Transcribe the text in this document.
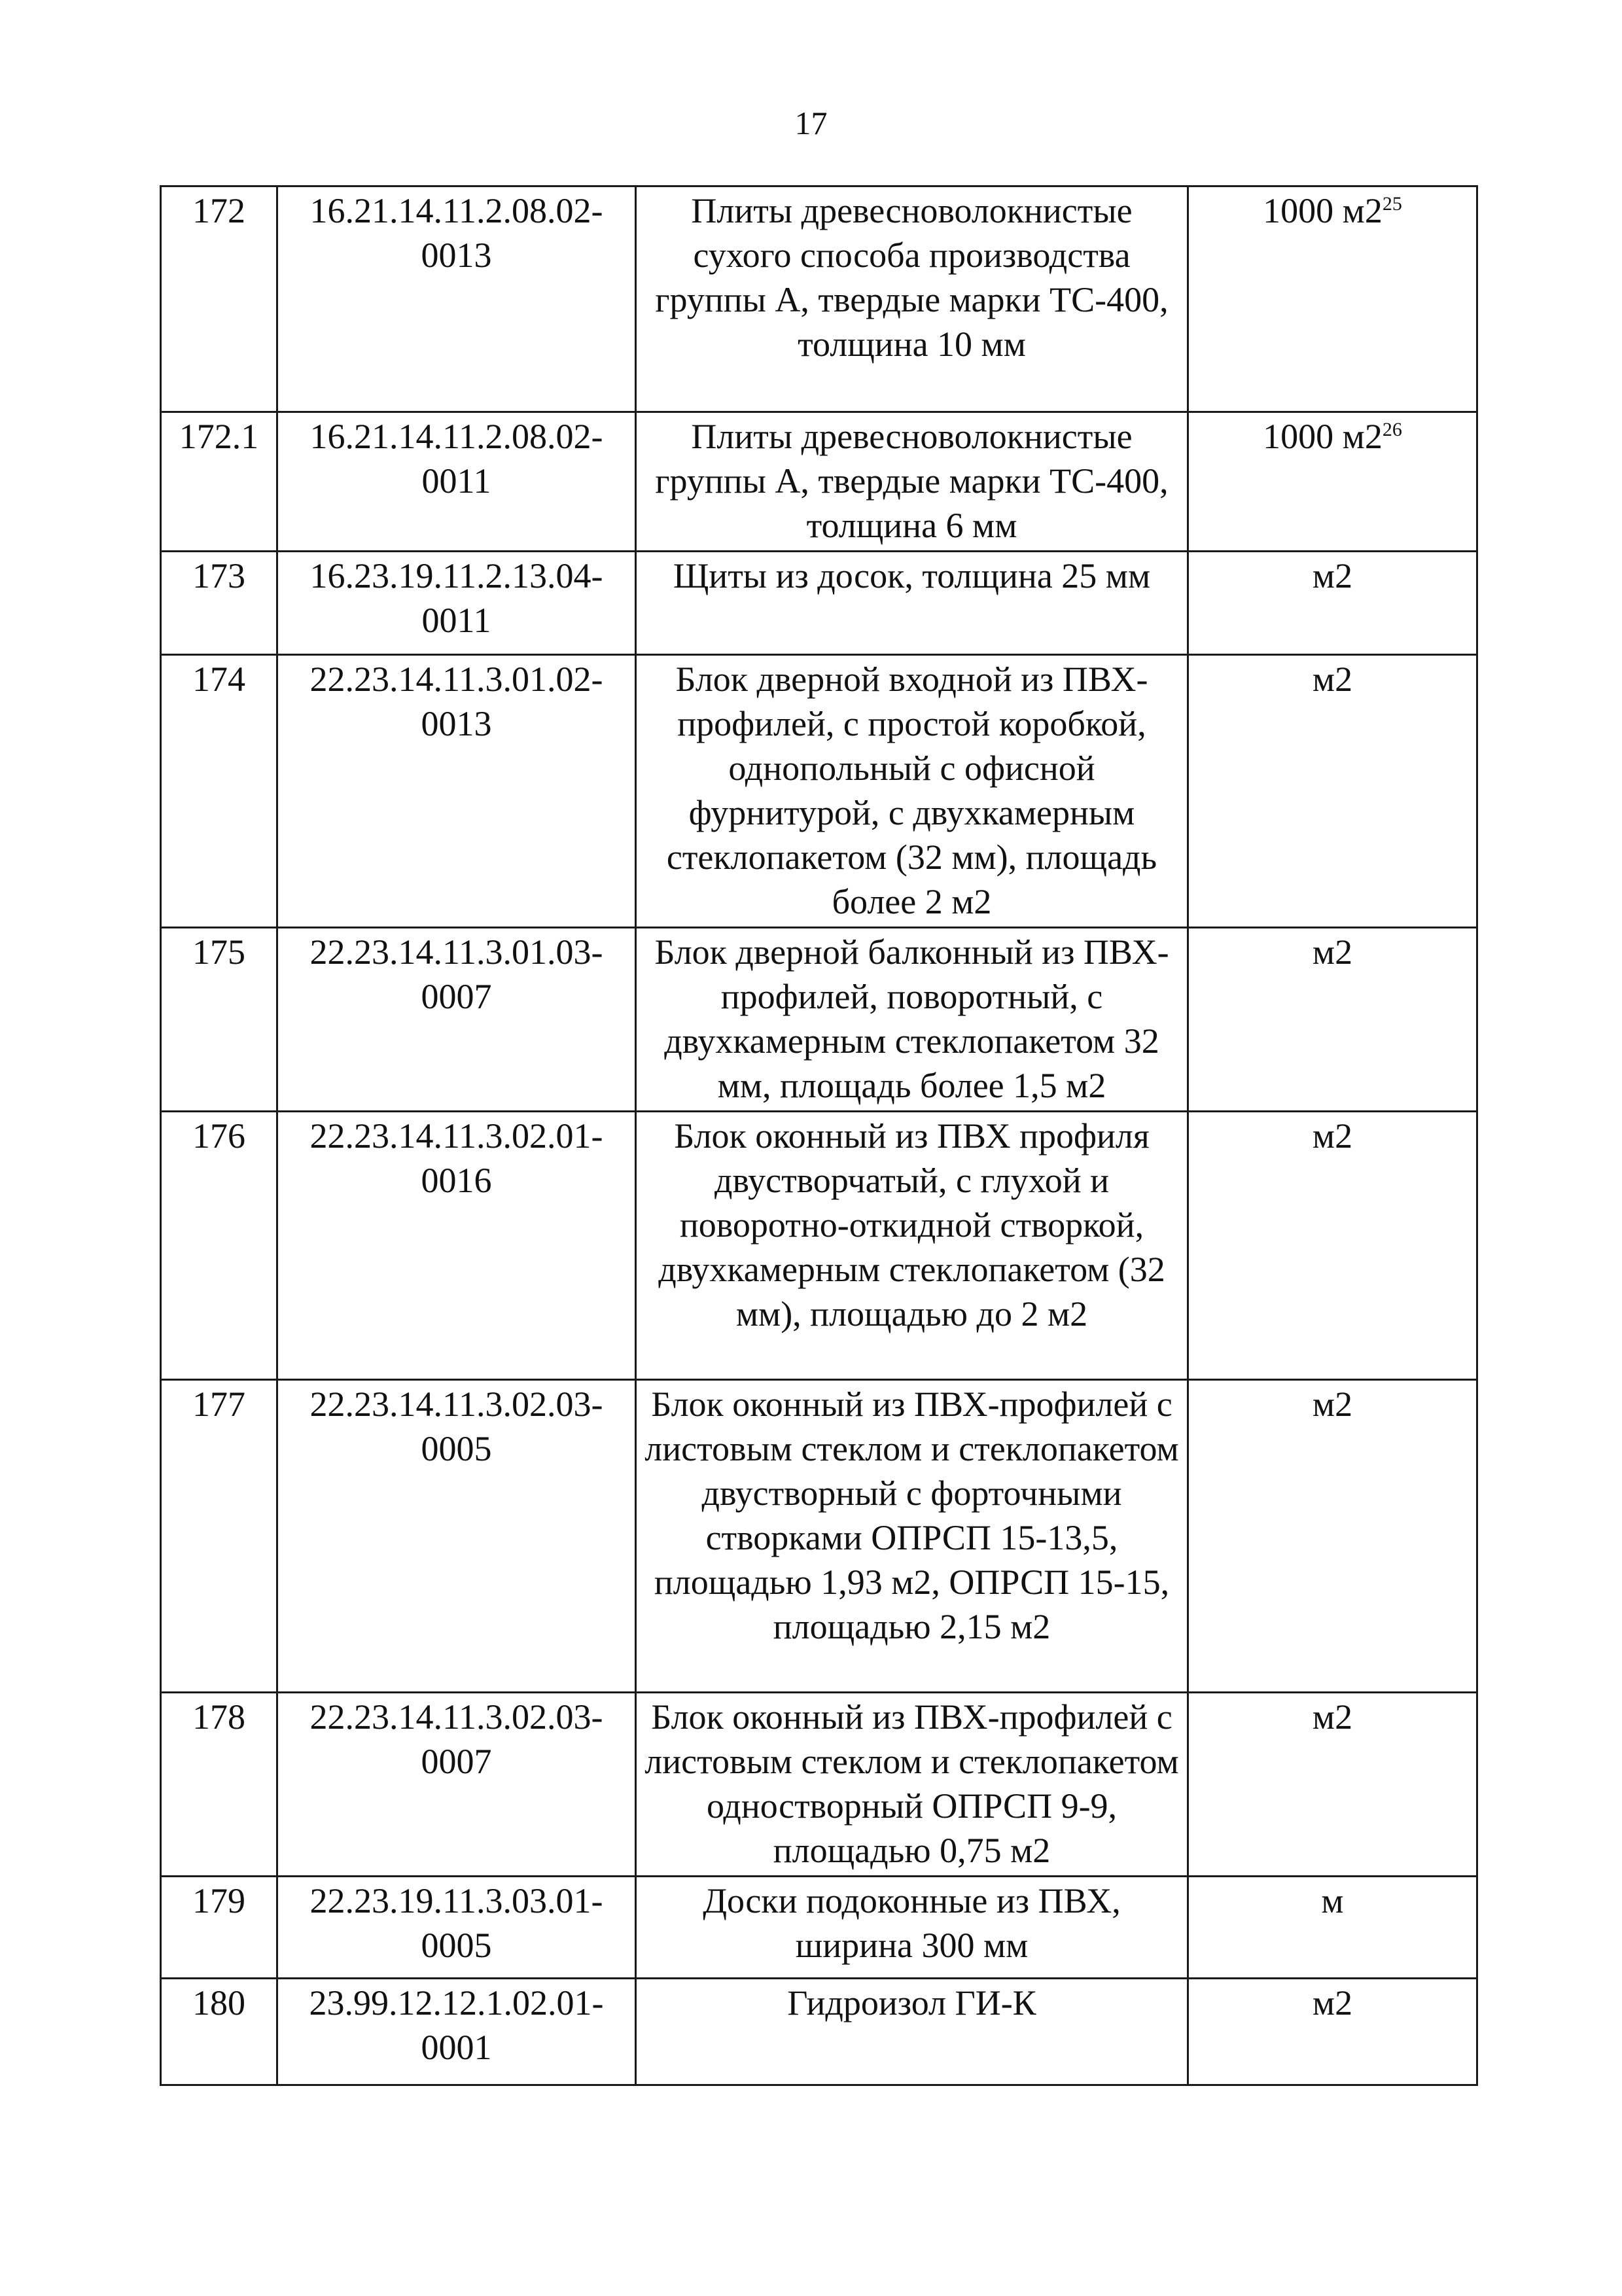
17
172	16.21.14.11.2.08.02-0013	Плиты древесноволокнистые сухого способа производства группы А, твердые марки ТС-400, толщина 10 мм	1000 $м2^{25}$
172.1	16.21.14.11.2.08.02-0011	Плиты древесноволокнистые группы А, твердые марки ТС-400, толщина 6 мм	1000 $м2^{26}$
173	16.23.19.11.2.13.04-0011	Щиты из досок, толщина 25 мм	м2
174	22.23.14.11.3.01.02-0013	Блок дверной входной из ПВХ-профилей, с простой коробкой, однопольный с офисной фурнитурой, с двухкамерным стеклопакетом (32 мм), площадь более 2 м2	м2
175	22.23.14.11.3.01.03-0007	Блок дверной балконный из ПВХ-профилей, поворотный, с двухкамерным стеклопакетом 32 мм, площадь более 1,5 м2	м2
176	22.23.14.11.3.02.01-0016	Блок оконный из ПВХ профиля двустворчатый, с глухой и поворотно-откидной створкой, двухкамерным стеклопакетом (32 мм), площадью до 2 м2	м2
177	22.23.14.11.3.02.03-0005	Блок оконный из ПВХ-профилей с листовым стеклом и стеклопакетом двустворный с форточными створками ОПРСП 15-13,5, площадью 1,93 м2, ОПРСП 15-15, площадью 2,15 м2	м2
178	22.23.14.11.3.02.03-0007	Блок оконный из ПВХ-профилей с листовым стеклом и стеклопакетом одностворный ОПРСП 9-9, площадью 0,75 м2	м2
179	22.23.19.11.3.03.01-0005	Доски подоконные из ПВХ, ширина 300 мм	м
180	23.99.12.12.1.02.01-0001	Гидроизол ГИ-К	м2
